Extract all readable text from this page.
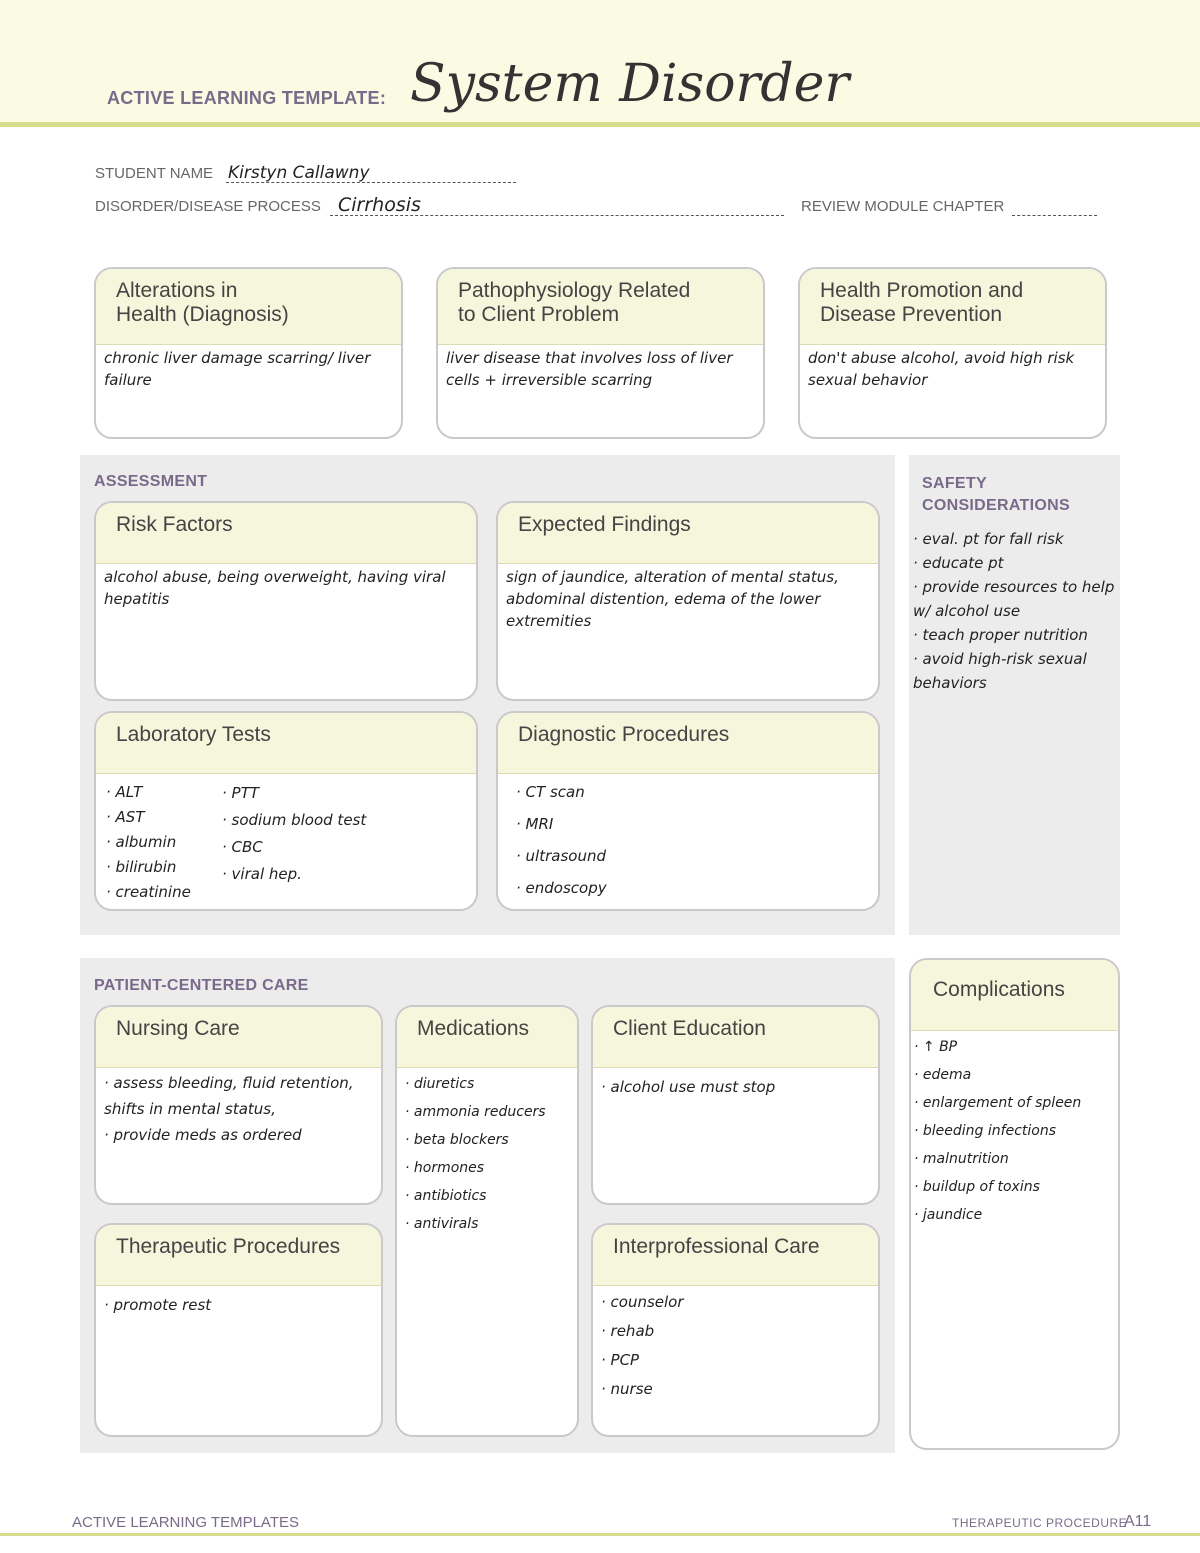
ACTIVE LEARNING TEMPLATE: System Disorder
STUDENT NAME Kirstyn Callawny
DISORDER/DISEASE PROCESS Cirrhosis	REVIEW MODULE CHAPTER
Alterations in
Health (Diagnosis)
chronic liver damage scarring/ liver failure
Pathophysiology Related
to Client Problem
liver disease that involves loss of liver cells + irreversible scarring
Health Promotion and
Disease Prevention
don't abuse alcohol, avoid high risk sexual behavior
ASSESSMENT
Risk Factors
alcohol abuse, being overweight, having viral hepatitis
Expected Findings
sign of jaundice, alteration of mental status, abdominal distention, edema of the lower extremities
Laboratory Tests
· ALT
· AST
· albumin
· bilirubin
· creatinine
· PTT
· sodium blood test
· CBC
· viral hep.
Diagnostic Procedures
· CT scan
· MRI
· ultrasound
· endoscopy
SAFETY
CONSIDERATIONS
· eval. pt for fall risk
· educate pt
· provide resources to help w/ alcohol use
· teach proper nutrition
· avoid high-risk sexual behaviors
PATIENT-CENTERED CARE
Nursing Care
· assess bleeding, fluid retention, shifts in mental status,
· provide meds as ordered
Medications
· diuretics
· ammonia reducers
· beta blockers
· hormones
· antibiotics
· antivirals
Client Education
· alcohol use must stop
Therapeutic Procedures
· promote rest
Interprofessional Care
· counselor
· rehab
· PCP
· nurse
Complications
· ↑ BP
· edema
· enlargement of spleen
· bleeding infections
· malnutrition
· buildup of toxins
· jaundice
ACTIVE LEARNING TEMPLATES	THERAPEUTIC PROCEDURE
A11
